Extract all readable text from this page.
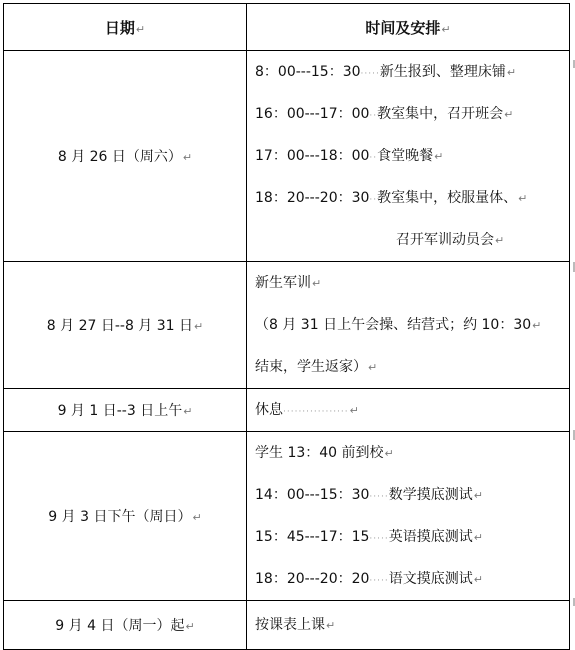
日期↵	时间及安排↵
8 月 26 日（周六）↵	8：00---15：30·····新生报到、整理床铺↵
16：00---17：00··教室集中，召开班会↵
17：00---18：00··食堂晚餐↵
18：20---20：30··教室集中，校服量体、↵
召开军训动员会↵

8 月 27 日--8 月 31 日↵	新生军训↵
（8 月 31 日上午会操、结营式；约 10：30↵
结束，学生返家）↵

9 月 1 日--3 日上午↵	休息·················↵

9 月 3 日下午（周日）↵	学生 13：40 前到校↵
14：00---15：30·····数学摸底测试↵
15：45---17：15·····英语摸底测试↵
18：20---20：20·····语文摸底测试↵

9 月 4 日（周一）起↵	按课表上课↵
